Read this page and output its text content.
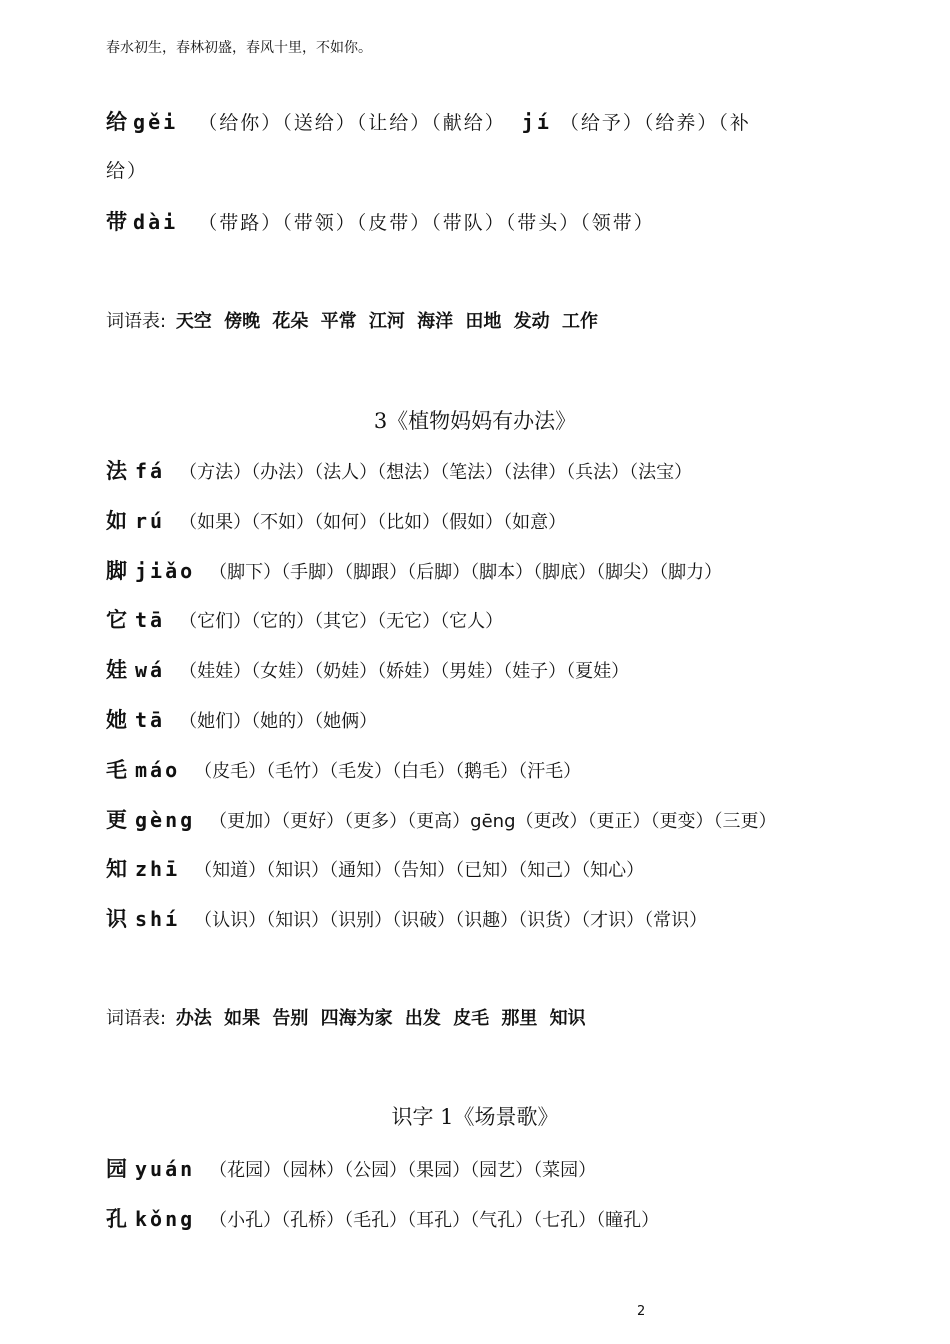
春水初生，春林初盛，春风十里，不如你。
给 gěi （给你）（送给）（让给）（献给） jí （给予）（给养）（补
给）
带 dài （带路）（带领）（皮带）（带队）（带头）（领带）
词语表: 天空 傍晚 花朵 平常 江河 海洋 田地 发动 工作
3《植物妈妈有办法》
法 fá （方法）（办法）（法人）（想法）（笔法）（法律）（兵法）（法宝）
如 rú （如果）（不如）（如何）（比如）（假如）（如意）
脚 jiǎo （脚下）（手脚）（脚跟）（后脚）（脚本）（脚底）（脚尖）（脚力）
它 tā （它们）（它的）（其它）（无它）（它人）
娃 wá （娃娃）（女娃）（奶娃）（娇娃）（男娃）（娃子）（夏娃）
她 tā （她们）（她的）（她俩）
毛 máo （皮毛）（毛竹）（毛发）（白毛）（鹅毛）（汗毛）
更 gèng （更加）（更好）（更多）（更高）gēng（更改）（更正）（更变）（三更）
知 zhī （知道）（知识）（通知）（告知）（已知）（知己）（知心）
识 shí （认识）（知识）（识别）（识破）（识趣）（识货）（才识）（常识）
词语表: 办法 如果 告别 四海为家 出发 皮毛 那里 知识
识字 1《场景歌》
园 yuán （花园）（园林）（公园）（果园）（园艺）（菜园）
孔 kǒng （小孔）（孔桥）（毛孔）（耳孔）（气孔）（七孔）（瞳孔）
2
